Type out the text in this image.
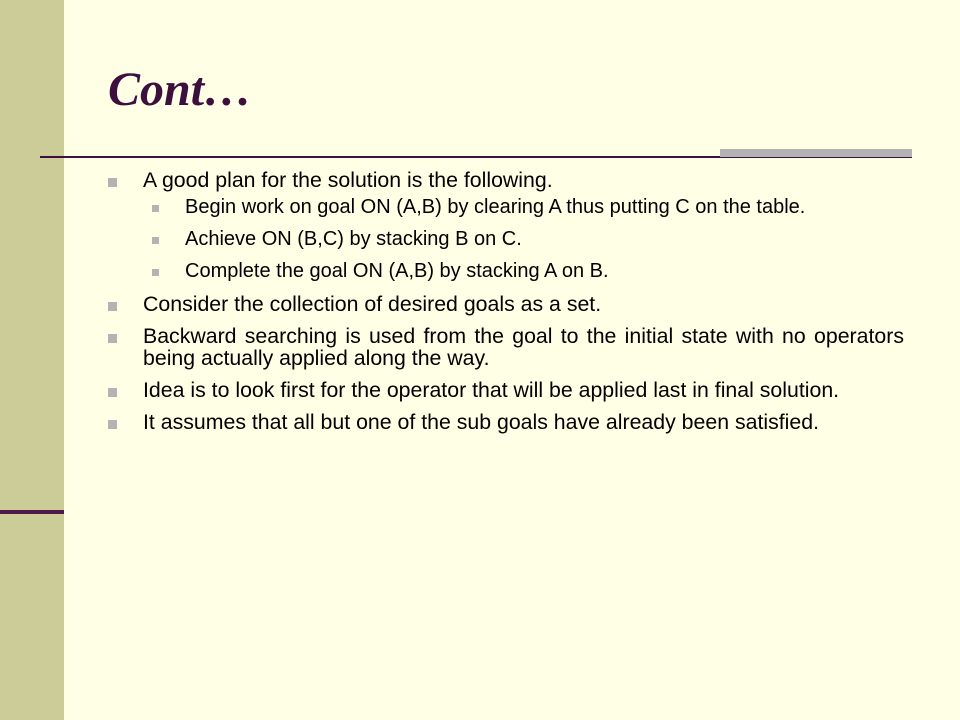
Cont…
A good plan for the solution is the following.
Begin work on goal ON (A,B) by clearing A thus putting C on the table.
Achieve ON (B,C) by stacking B on C.
Complete the goal ON (A,B) by stacking A on B.
Consider the collection of desired goals as a set.
Backward searching is used from the goal to the initial state with no operators being actually applied along the way.
Idea is to look first for the operator that will be applied last in final solution.
It assumes that all but one of the sub goals have already been satisfied.
